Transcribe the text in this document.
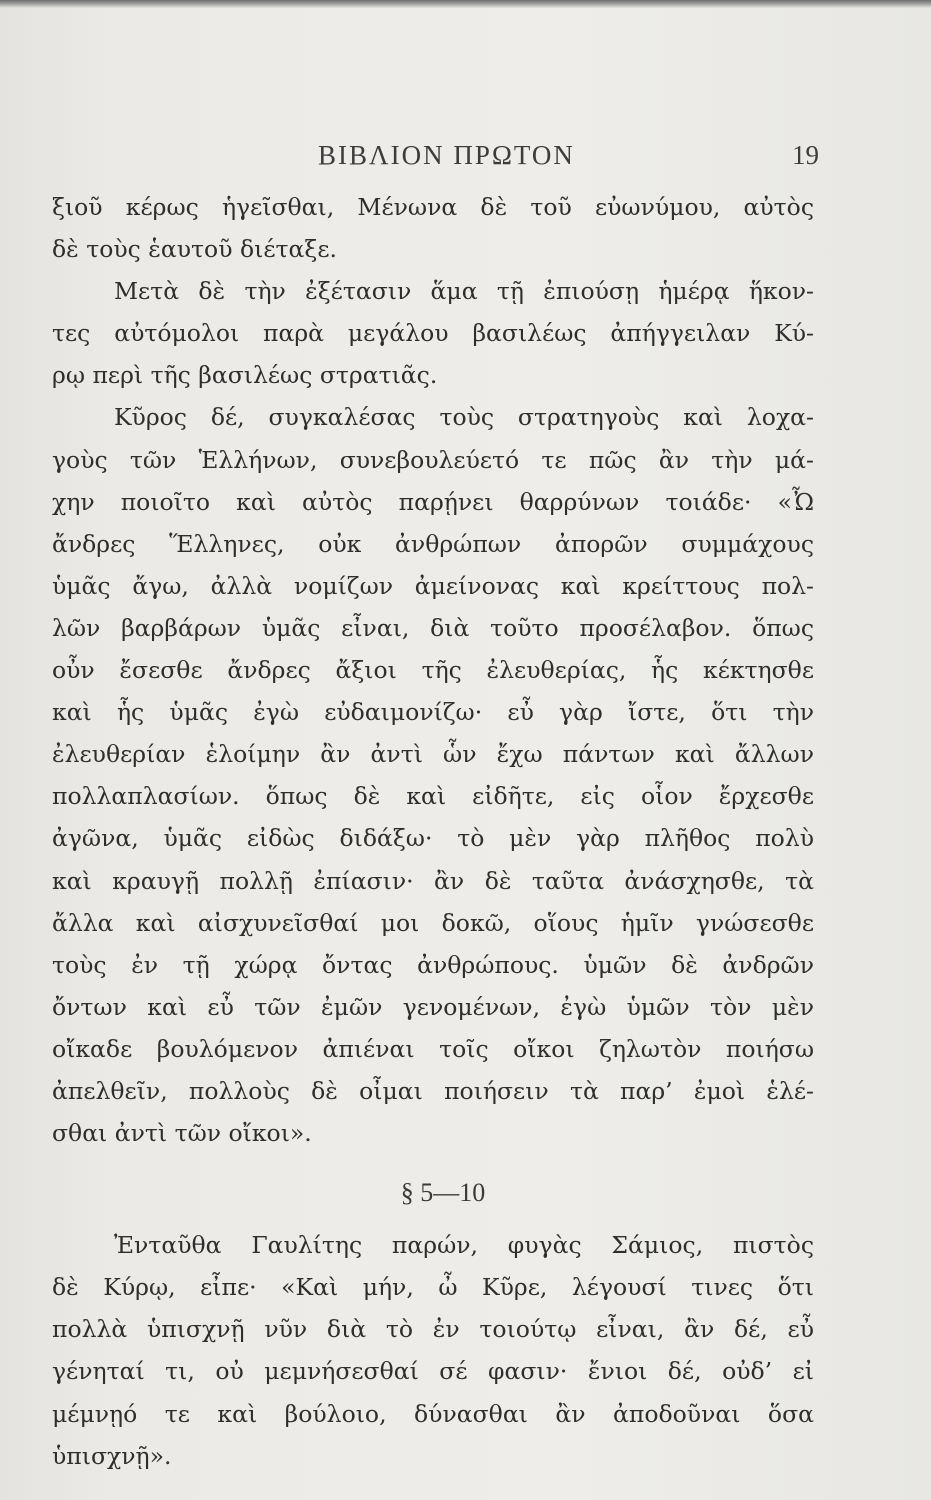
ΒΙΒΛΙΟΝ ΠΡΩΤΟΝ	19
ξιοῦ κέρως ἡγεῖσθαι, Μένωνα δὲ τοῦ εὐωνύμου, αὐτὸς
δὲ τοὺς ἑαυτοῦ διέταξε.
Μετὰ δὲ τὴν ἐξέτασιν ἅμα τῇ ἐπιούσῃ ἡμέρᾳ ἥκον-
τες αὐτόμολοι παρὰ μεγάλου βασιλέως ἀπήγγειλαν Κύ-
ρῳ περὶ τῆς βασιλέως στρατιᾶς.
Κῦρος δέ, συγκαλέσας τοὺς στρατηγοὺς καὶ λοχα-
γοὺς τῶν Ἑλλήνων, συνεβουλεύετό τε πῶς ἂν τὴν μά-
χην ποιοῖτο καὶ αὐτὸς παρῄνει θαρρύνων τοιάδε· «Ὦ
ἄνδρες Ἕλληνες, οὐκ ἀνθρώπων ἀπορῶν συμμάχους
ὑμᾶς ἄγω, ἀλλὰ νομίζων ἀμείνονας καὶ κρείττους πολ-
λῶν βαρβάρων ὑμᾶς εἶναι, διὰ τοῦτο προσέλαβον. ὅπως
οὖν ἔσεσθε ἄνδρες ἄξιοι τῆς ἐλευθερίας, ἧς κέκτησθε
καὶ ἧς ὑμᾶς ἐγὼ εὐδαιμονίζω· εὖ γὰρ ἴστε, ὅτι τὴν
ἐλευθερίαν ἑλοίμην ἂν ἀντὶ ὧν ἔχω πάντων καὶ ἄλλων
πολλαπλασίων. ὅπως δὲ καὶ εἰδῆτε, εἰς οἷον ἔρχεσθε
ἀγῶνα, ὑμᾶς εἰδὼς διδάξω· τὸ μὲν γὰρ πλῆθος πολὺ
καὶ κραυγῇ πολλῇ ἐπίασιν· ἂν δὲ ταῦτα ἀνάσχησθε, τὰ
ἄλλα καὶ αἰσχυνεῖσθαί μοι δοκῶ, οἵους ἡμῖν γνώσεσθε
τοὺς ἐν τῇ χώρᾳ ὄντας ἀνθρώπους. ὑμῶν δὲ ἀνδρῶν
ὄντων καὶ εὖ τῶν ἐμῶν γενομένων, ἐγὼ ὑμῶν τὸν μὲν
οἴκαδε βουλόμενον ἀπιέναι τοῖς οἴκοι ζηλωτὸν ποιήσω
ἀπελθεῖν, πολλοὺς δὲ οἶμαι ποιήσειν τὰ παρ’ ἐμοὶ ἑλέ-
σθαι ἀντὶ τῶν οἴκοι».
§ 5—10
Ἐνταῦθα Γαυλίτης παρών, φυγὰς Σάμιος, πιστὸς
δὲ Κύρῳ, εἶπε· «Καὶ μήν, ὦ Κῦρε, λέγουσί τινες ὅτι
πολλὰ ὑπισχνῇ νῦν διὰ τὸ ἐν τοιούτῳ εἶναι, ἂν δέ, εὖ
γένηταί τι, οὐ μεμνήσεσθαί σέ φασιν· ἔνιοι δέ, οὐδ’ εἰ
μέμνῃό τε καὶ βούλοιο, δύνασθαι ἂν ἀποδοῦναι ὅσα
ὑπισχνῇ».
